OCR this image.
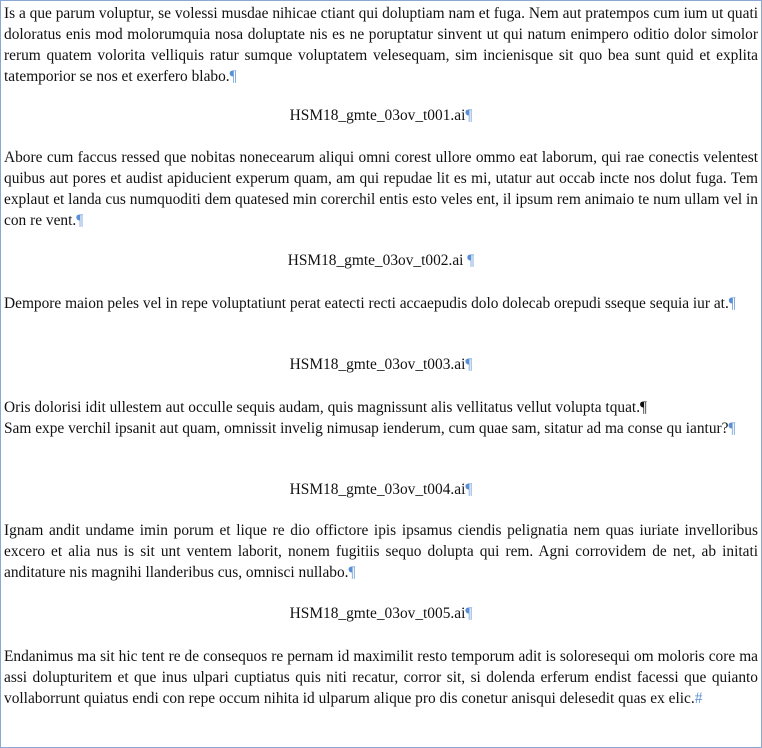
Is a que parum voluptur, se volessi musdae nihicae ctiant qui doluptiam nam et fuga. Nem aut pratempos cum ium ut quati doloratus enis mod molorumquia nosa doluptate nis es ne poruptatur sinvent ut qui natum enimpero oditio dolor simolor rerum quatem volorita velliquis ratur sumque voluptatem velesequam, sim incienisque sit quo bea sunt quid et explita tatemporior se nos et exerfero blabo.¶

HSM18_gmte_03ov_t001.ai¶

Abore cum faccus ressed que nobitas nonecearum aliqui omni corest ullore ommo eat laborum, qui rae conectis velentest quibus aut pores et audist apiducient experum quam, am qui repudae lit es mi, utatur aut occab incte nos dolut fuga. Tem explaut et landa cus numquoditi dem quatesed min corerchil entis esto veles ent, il ipsum rem animaio te num ullam vel in con re vent.¶

HSM18_gmte_03ov_t002.ai ¶

Dempore maion peles vel in repe voluptatiunt perat eatecti recti accaepudis dolo dolecab orepudi sseque sequia iur at.¶

HSM18_gmte_03ov_t003.ai¶

Oris dolorisi idit ullestem aut occulle sequis audam, quis magnissunt alis vellitatus vellut volupta tquat.¶
Sam expe verchil ipsanit aut quam, omnissit invelig nimusap ienderum, cum quae sam, sitatur ad ma conse qu iantur?¶

HSM18_gmte_03ov_t004.ai¶

Ignam andit undame imin porum et lique re dio offictore ipis ipsamus ciendis pelignatia nem quas iuriate invelloribus excero et alia nus is sit unt ventem laborit, nonem fugitiis sequo dolupta qui rem. Agni corrovidem de net, ab initati anditature nis magnihi llanderibus cus, omnisci nullabo.¶

HSM18_gmte_03ov_t005.ai¶

Endanimus ma sit hic tent re de consequos re pernam id maximilit resto temporum adit is soloresequi om moloris core ma assi dolupturitem et que inus ulpari cuptiatus quis niti recatur, corror sit, si dolenda erferum endist facessi que quianto vollaborrunt quiatus endi con repe occum nihita id ulparum alique pro dis conetur anisqui delesedit quas ex elic.#
